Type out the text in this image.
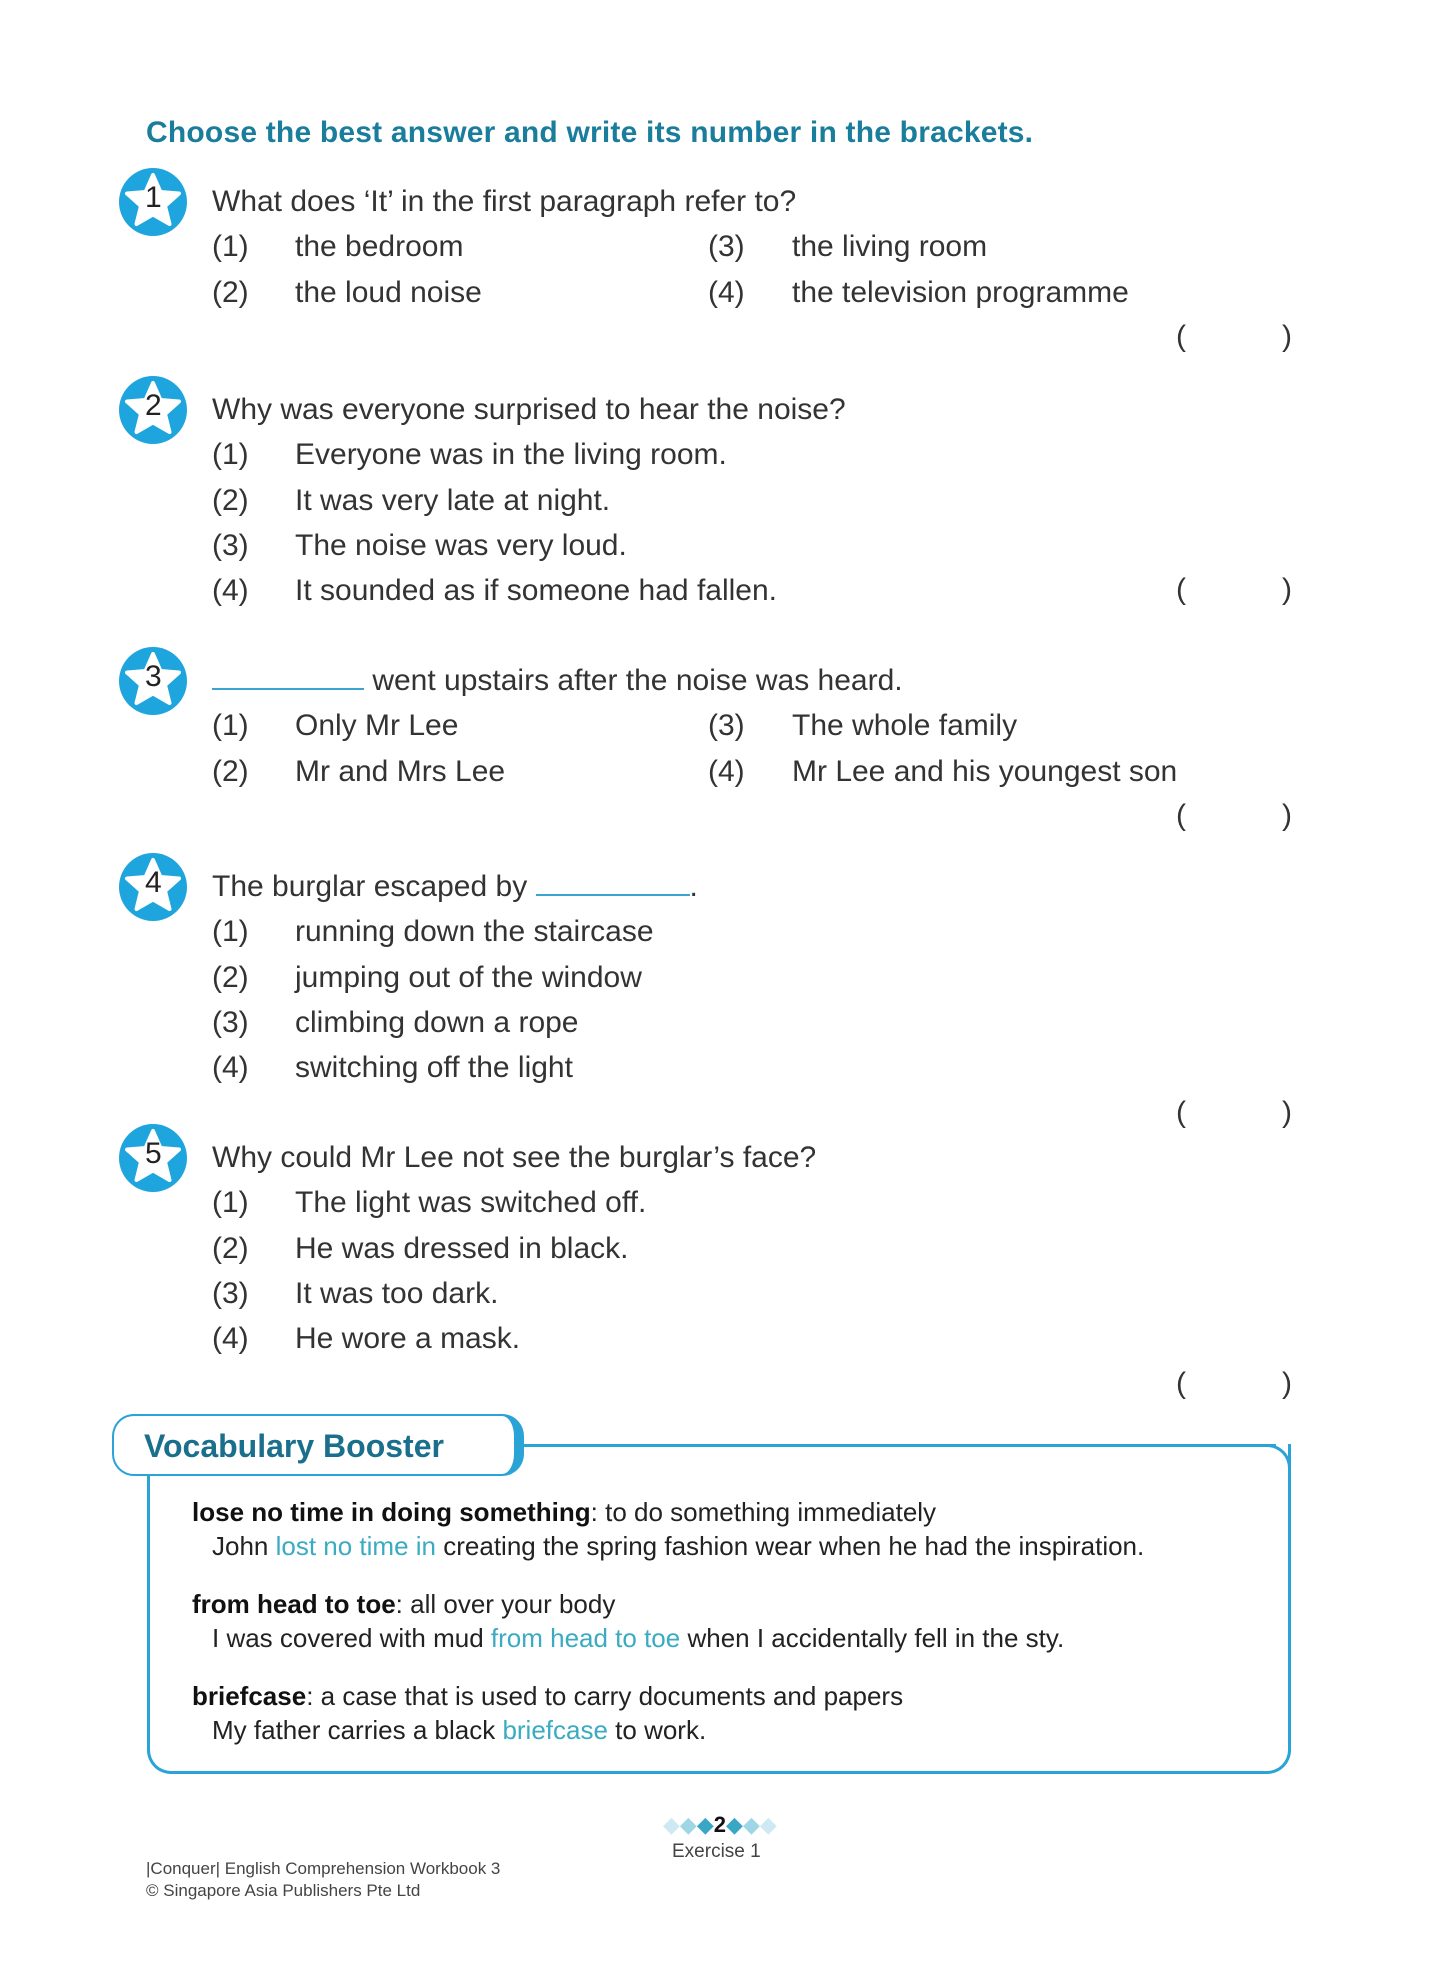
Choose the best answer and write its number in the brackets.
1 What does ‘It’ in the first paragraph refer to?
(1) the bedroom
(2) the loud noise
(3) the living room
(4) the television programme
(	)
2 Why was everyone surprised to hear the noise?
(1) Everyone was in the living room.
(2) It was very late at night.
(3) The noise was very loud.
(4) It sounded as if someone had fallen.	(	)
3	went upstairs after the noise was heard.
(1) Only Mr Lee
(2) Mr and Mrs Lee
(3) The whole family
(4) Mr Lee and his youngest son
(	)
4 The burglar escaped by	.
(1) running down the staircase
(2) jumping out of the window
(3) climbing down a rope
(4) switching off the light
(	)
5 Why could Mr Lee not see the burglar’s face?
(1) The light was switched off.
(2) He was dressed in black.
(3) It was too dark.
(4) He wore a mask.
(	)
Vocabulary Booster
lose no time in doing something: to do something immediately
John lost no time in creating the spring fashion wear when he had the inspiration.
from head to toe: all over your body
I was covered with mud from head to toe when I accidentally fell in the sty.
briefcase: a case that is used to carry documents and papers
My father carries a black briefcase to work.
◆◆◆2◆◆◆
Exercise 1
|Conquer| English Comprehension Workbook 3
© Singapore Asia Publishers Pte Ltd
